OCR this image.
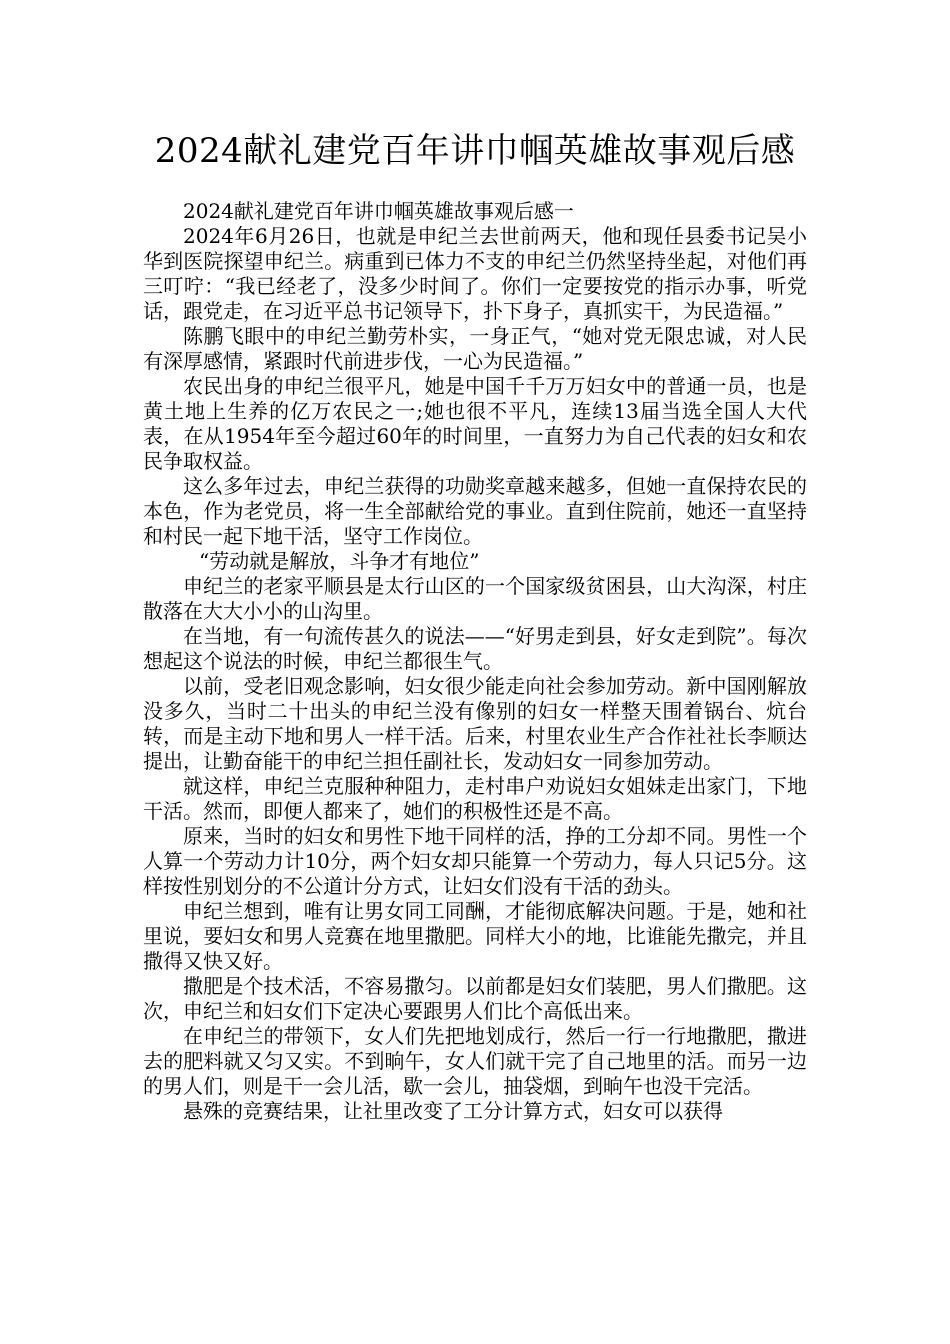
2024献礼建党百年讲巾帼英雄故事观后感

2024献礼建党百年讲巾帼英雄故事观后感一

2024年6月26日，也就是申纪兰去世前两天，他和现任县委书记吴小华到医院探望申纪兰。病重到已体力不支的申纪兰仍然坚持坐起，对他们再三叮咛：“我已经老了，没多少时间了。你们一定要按党的指示办事，听党话，跟党走，在习近平总书记领导下，扑下身子，真抓实干，为民造福。”

陈鹏飞眼中的申纪兰勤劳朴实，一身正气，“她对党无限忠诚，对人民有深厚感情，紧跟时代前进步伐，一心为民造福。”

农民出身的申纪兰很平凡，她是中国千千万万妇女中的普通一员，也是黄土地上生养的亿万农民之一;她也很不平凡，连续13届当选全国人大代表，在从1954年至今超过60年的时间里，一直努力为自己代表的妇女和农民争取权益。

这么多年过去，申纪兰获得的功勋奖章越来越多，但她一直保持农民的本色，作为老党员，将一生全部献给党的事业。直到住院前，她还一直坚持和村民一起下地干活，坚守工作岗位。

“劳动就是解放，斗争才有地位”

申纪兰的老家平顺县是太行山区的一个国家级贫困县，山大沟深，村庄散落在大大小小的山沟里。

在当地，有一句流传甚久的说法——“好男走到县，好女走到院”。每次想起这个说法的时候，申纪兰都很生气。

以前，受老旧观念影响，妇女很少能走向社会参加劳动。新中国刚解放没多久，当时二十出头的申纪兰没有像别的妇女一样整天围着锅台、炕台转，而是主动下地和男人一样干活。后来，村里农业生产合作社社长李顺达提出，让勤奋能干的申纪兰担任副社长，发动妇女一同参加劳动。

就这样，申纪兰克服种种阻力，走村串户劝说妇女姐妹走出家门，下地干活。然而，即便人都来了，她们的积极性还是不高。

原来，当时的妇女和男性下地干同样的活，挣的工分却不同。男性一个人算一个劳动力计10分，两个妇女却只能算一个劳动力，每人只记5分。这样按性别划分的不公道计分方式，让妇女们没有干活的劲头。

申纪兰想到，唯有让男女同工同酬，才能彻底解决问题。于是，她和社里说，要妇女和男人竞赛在地里撒肥。同样大小的地，比谁能先撒完，并且撒得又快又好。

撒肥是个技术活，不容易撒匀。以前都是妇女们装肥，男人们撒肥。这次，申纪兰和妇女们下定决心要跟男人们比个高低出来。

在申纪兰的带领下，女人们先把地划成行，然后一行一行地撒肥，撒进去的肥料就又匀又实。不到晌午，女人们就干完了自己地里的活。而另一边的男人们，则是干一会儿活，歇一会儿，抽袋烟，到晌午也没干完活。

悬殊的竞赛结果，让社里改变了工分计算方式，妇女可以获得
